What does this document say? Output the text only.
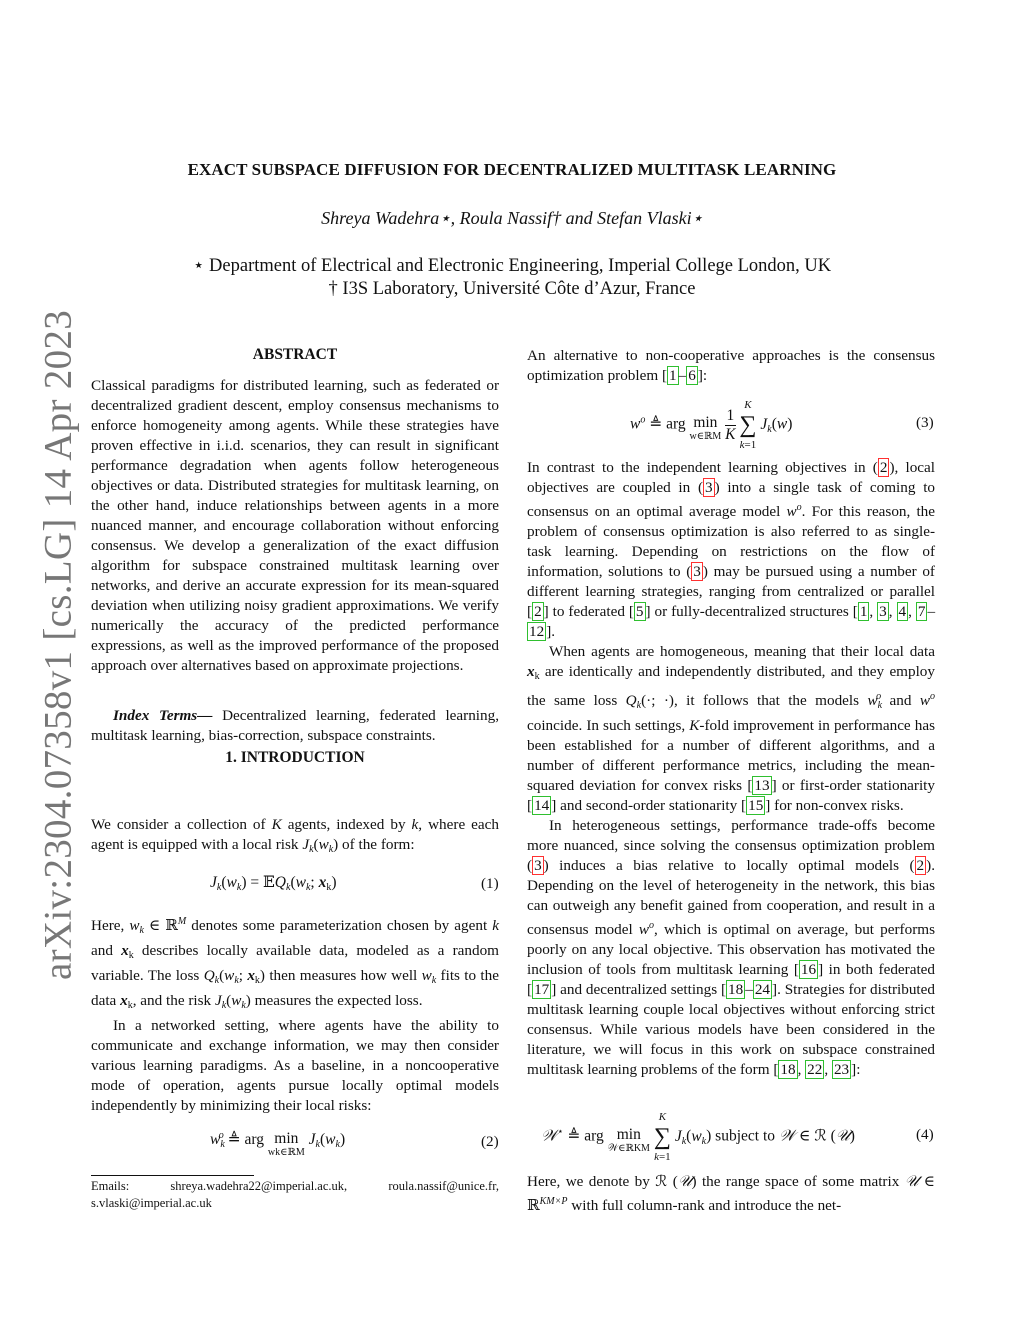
arXiv:2304.07358v1 [cs.LG] 14 Apr 2023
EXACT SUBSPACE DIFFUSION FOR DECENTRALIZED MULTITASK LEARNING
Shreya Wadehra⋆, Roula Nassif† and Stefan Vlaski⋆
⋆ Department of Electrical and Electronic Engineering, Imperial College London, UK
† I3S Laboratory, Université Côte d’Azur, France
ABSTRACT

Classical paradigms for distributed learning, such as federated or decentralized gradient descent, employ consensus mechanisms to enforce homogeneity among agents. While these strategies have proven effective in i.i.d. scenarios, they can result in significant performance degradation when agents follow heterogeneous objectives or data. Distributed strategies for multitask learning, on the other hand, induce relationships between agents in a more nuanced manner, and encourage collaboration without enforcing consensus. We develop a generalization of the exact diffusion algorithm for subspace constrained multitask learning over networks, and derive an accurate expression for its mean-squared deviation when utilizing noisy gradient approximations. We verify numerically the accuracy of the predicted performance expressions, as well as the improved performance of the proposed approach over alternatives based on approximate projections.

Index Terms— Decentralized learning, federated learning, multitask learning, bias-correction, subspace constraints.

1. INTRODUCTION

We consider a collection of K agents, indexed by k, where each agent is equipped with a local risk $J_k(w_k)$ of the form:

$J_k(w_k)$ = $𝔼Q_k(w_k$; $x_k$)	(1)

Here, $w_k$ ∈ ℝ$^M$ denotes some parameterization chosen by agent k and $x_k$ describes locally available data, modeled as a random variable. The loss $Q_k(w_k$; $x_k$) then measures how well $w_k$ fits to the data $x_k$, and the risk $J_k(w_k)$ measures the expected loss.

In a networked setting, where agents have the ability to communicate and exchange information, we may then consider various learning paradigms. As a baseline, in a noncooperative mode of operation, agents pursue locally optimal models independently by minimizing their local risks:

$w_k^o$ ≜ arg min

wk∈ℝM
$J_k(w_k)$	(2)
Emails: shreya.wadehra22@imperial.ac.uk, roula.nassif@unice.fr, s.vlaski@imperial.ac.uk

An alternative to non-cooperative approaches is the consensus optimization problem [ 1 – 6 ]:

$w^o$ ≜ arg min

w∈ℝM
1

K
K
∑
k=1 $J_k(w)$	(3)

In contrast to the independent learning objectives in ( 2 ), local objectives are coupled in ( 3 ) into a single task of coming to consensus on an optimal average model $w^o$. For this reason, the problem of consensus optimization is also referred to as single-task learning. Depending on restrictions on the flow of information, solutions to ( 3 ) may be pursued using a number of different learning strategies, ranging from centralized or parallel [ 2 ] to federated [ 5 ] or fully-decentralized structures [ 1 , 3 , 4 , 7 –12 ].

When agents are homogeneous, meaning that their local data $x_k$ are identically and independently distributed, and they employ the same loss $Q_k(\cdot$; ·), it follows that the models $w_k^o$ and $w^o$ coincide. In such settings, K-fold improvement in performance has been established for a number of different algorithms, and a number of different performance metrics, including the mean-squared deviation for convex risks [ 13 ] or first-order stationarity [ 14 ] and second-order stationarity [ 15 ] for non-convex risks.

In heterogeneous settings, performance trade-offs become more nuanced, since solving the consensus optimization problem ( 3 ) induces a bias relative to locally optimal models ( 2 ). Depending on the level of heterogeneity in the network, this bias can outweigh any benefit gained from cooperation, and result in a consensus model $w^o$, which is optimal on average, but performs poorly on any local objective. This observation has motivated the inclusion of tools from multitask learning [ 16 ] in both federated [ 17 ] and decentralized settings [ 18 – 24 ]. Strategies for distributed multitask learning couple local objectives without enforcing strict consensus. While various models have been considered in the literature, we will focus in this work on subspace constrained multitask learning problems of the form [ 18 , 22 , 23 ]:

𝒲⋆ ≜ arg min

𝒲∈ℝKM
K
∑
k=1 $J_k(w_k)$ subject to 𝒲 ∈ ℛ (𝒰)	(4)

Here, we denote by ℛ (𝒰) the range space of some matrix 𝒰 ∈ ℝ$^{KM\times P}$ with full column-rank and introduce the net-
